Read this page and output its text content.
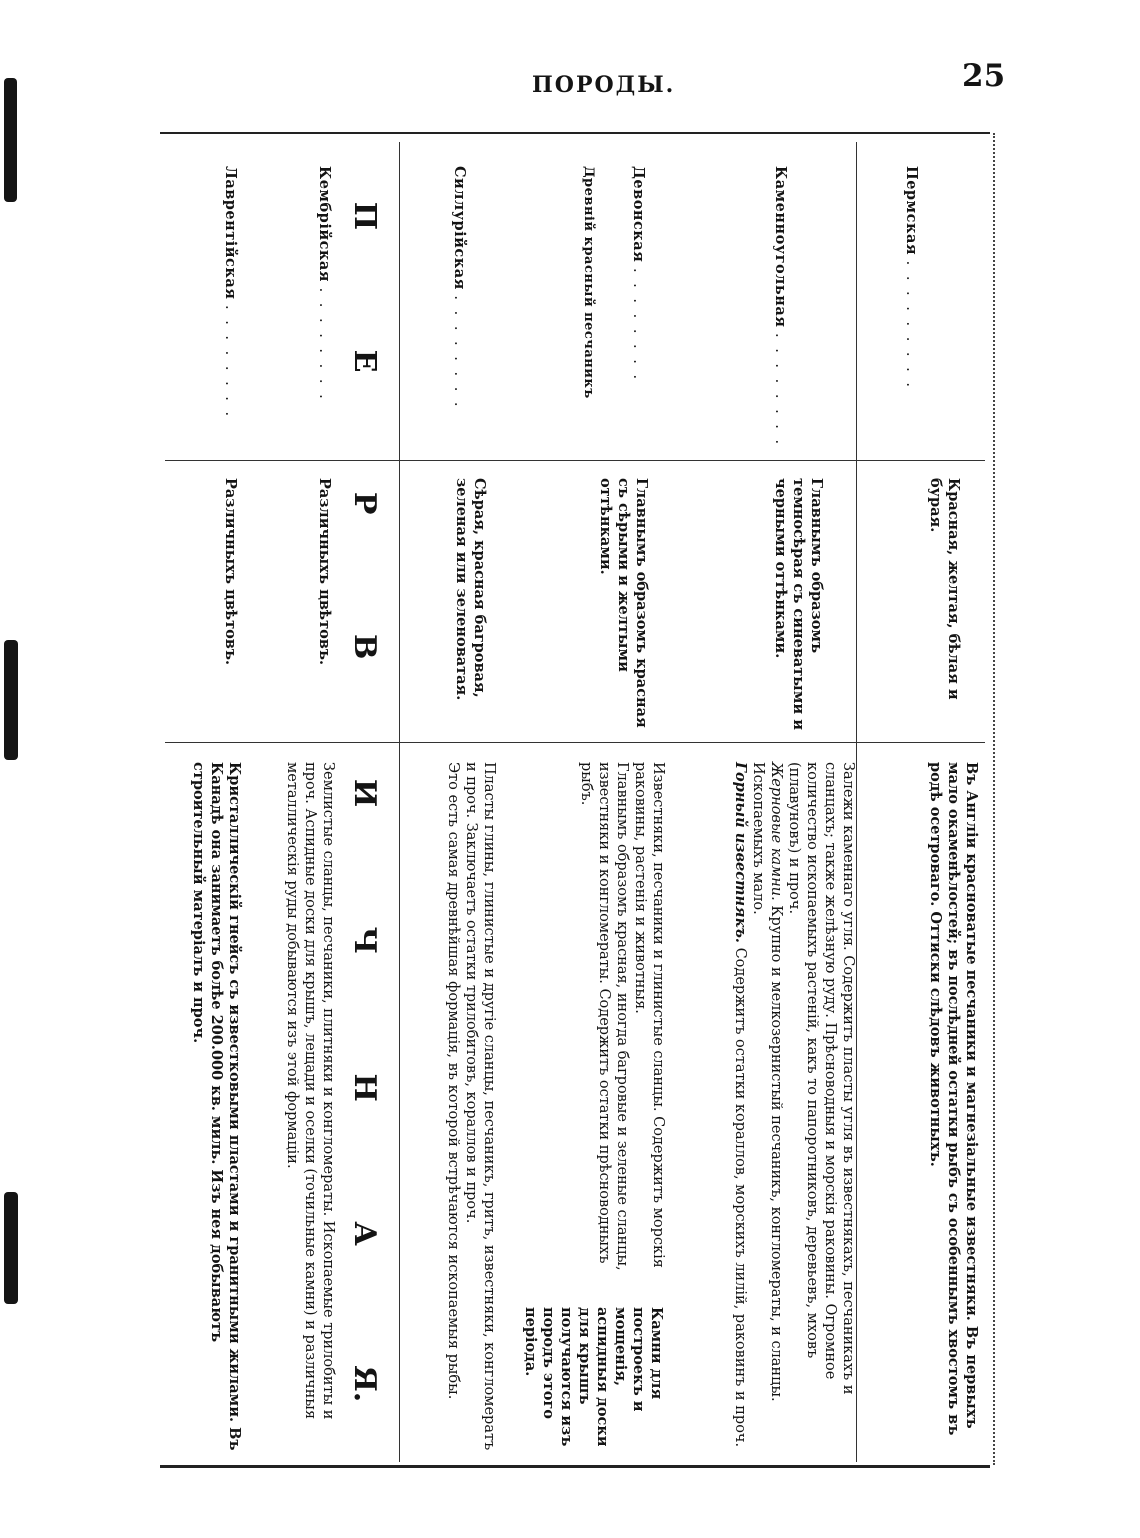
ПОРОДЫ.	25
П
Е
Р
В
И
Ч
Н
А
Я.
Пермская . . . . . . . . .
Красная, желтая, бѣлая и бурая.
Въ Англіи красноватые песчаники и магнезіальные известняки. Въ первыхъ мало окаменѣлостей; въ послѣдней остатки рыбъ съ особеннымъ хвостомъ въ родѣ осетроваго. Оттиски слѣдовъ животныхъ.
Каменноугольная . . . . . . . .
Главнымъ образомъ темносѣрая съ синеватыми и черными оттѣнками.
Залежи каменнаго угля. Содержитъ пласты угля въ известнякахъ, песчаникахъ и сланцахъ; также желѣзную руду. Прѣсноводныя и морскія раковины. Огромное количество ископаемыхъ растеній, какъ то папоротниковъ, деревьевъ, мховъ (плавуновъ) и проч.
Жерновые камни. Крупно и мелкозернистый песчаникъ, конгломераты, и сланцы. Ископаемыхъ мало.
Горный известнякъ. Содержитъ остатки кораллов, морскихъ лилій, раковинъ и проч.
Девонская . . . . . . . .
Древній красный песчаникъ
Главнымъ образомъ красная съ сѣрыми и желтыми оттѣнками.
Известняки, песчаники и глинистые сланцы. Содержитъ морскія раковины, растенія и животныя.
Главнымъ образомъ красная, иногда багровые и зеленые сланцы, известняки и конгломераты. Содержитъ остатки прѣсноводныхъ рыбъ.
Камни для построекъ и мощенія, аспидныя доски для крышъ получаются изъ породъ этого періода.
Силлурійская . . . . . . . .
Сѣрая, красная багровая, зеленая или зеленоватая.
Пласты глины, глинистые и другіе сланцы, песчаникъ, гритъ, известняки, конгломератъ и проч. Заключаетъ остатки трилобитовъ, кораллов и проч.
Это есть самая древнѣйшая формація, въ которой встрѣчаются ископаемыя рыбы.
Кембрійская . . . . . . . .
Различныхъ цвѣтовъ.
Землистые сланцы, песчаники, плитняки и конгломераты. Ископаемые трилобиты и проч. Аспидные доски для крышъ, лещади и оселки (точильные камни) и различныя металлическія руды добываются изъ этой формаціи.
Лаврентійская . . . . . . . .
Различныхъ цвѣтовъ.
Кристаллическій гнейсъ съ известковыми пластами и гранитными жилами. Въ Канадѣ она занимаетъ болѣе 200.000 кв. миль. Изъ нея добываютъ строительный матеріалъ и проч.
